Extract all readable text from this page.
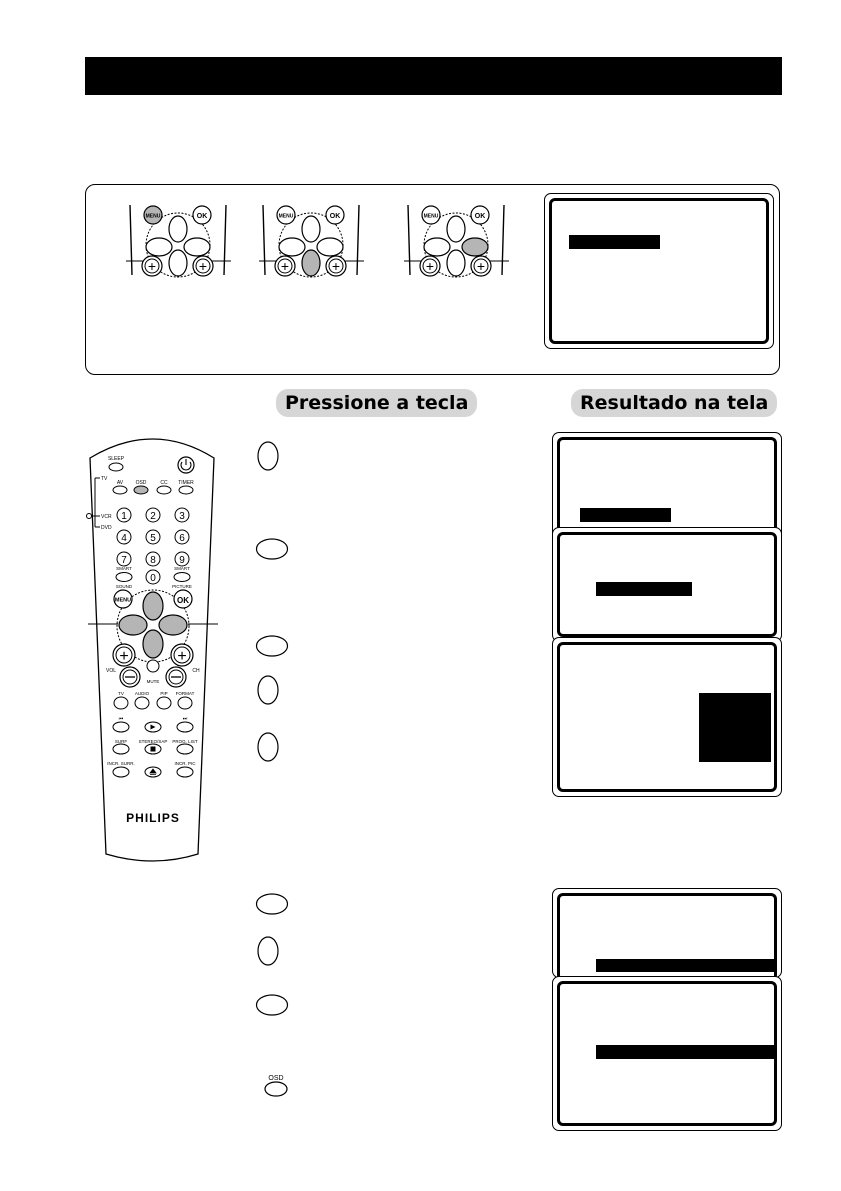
MENU	OK
+	+
MENU	OK
+	+
MENU	OK
+	+
Pressione a tecla	Resultado na tela
TV
VCR
DVD
SLEEP
AV OSD	CC TIMER
1 2 3
4 5 6
7 8 9
0
SMART
SOUND
SMART
PICTURE
MENU	OK
+	+
VOL	CH
MUTE
TV AUDIO PIP FORMAT
⏮	⏭
SURF	STEREO/SAP PROG. LIST
INCR. SURR.	INCR. PIC
PHILIPS
OSD
